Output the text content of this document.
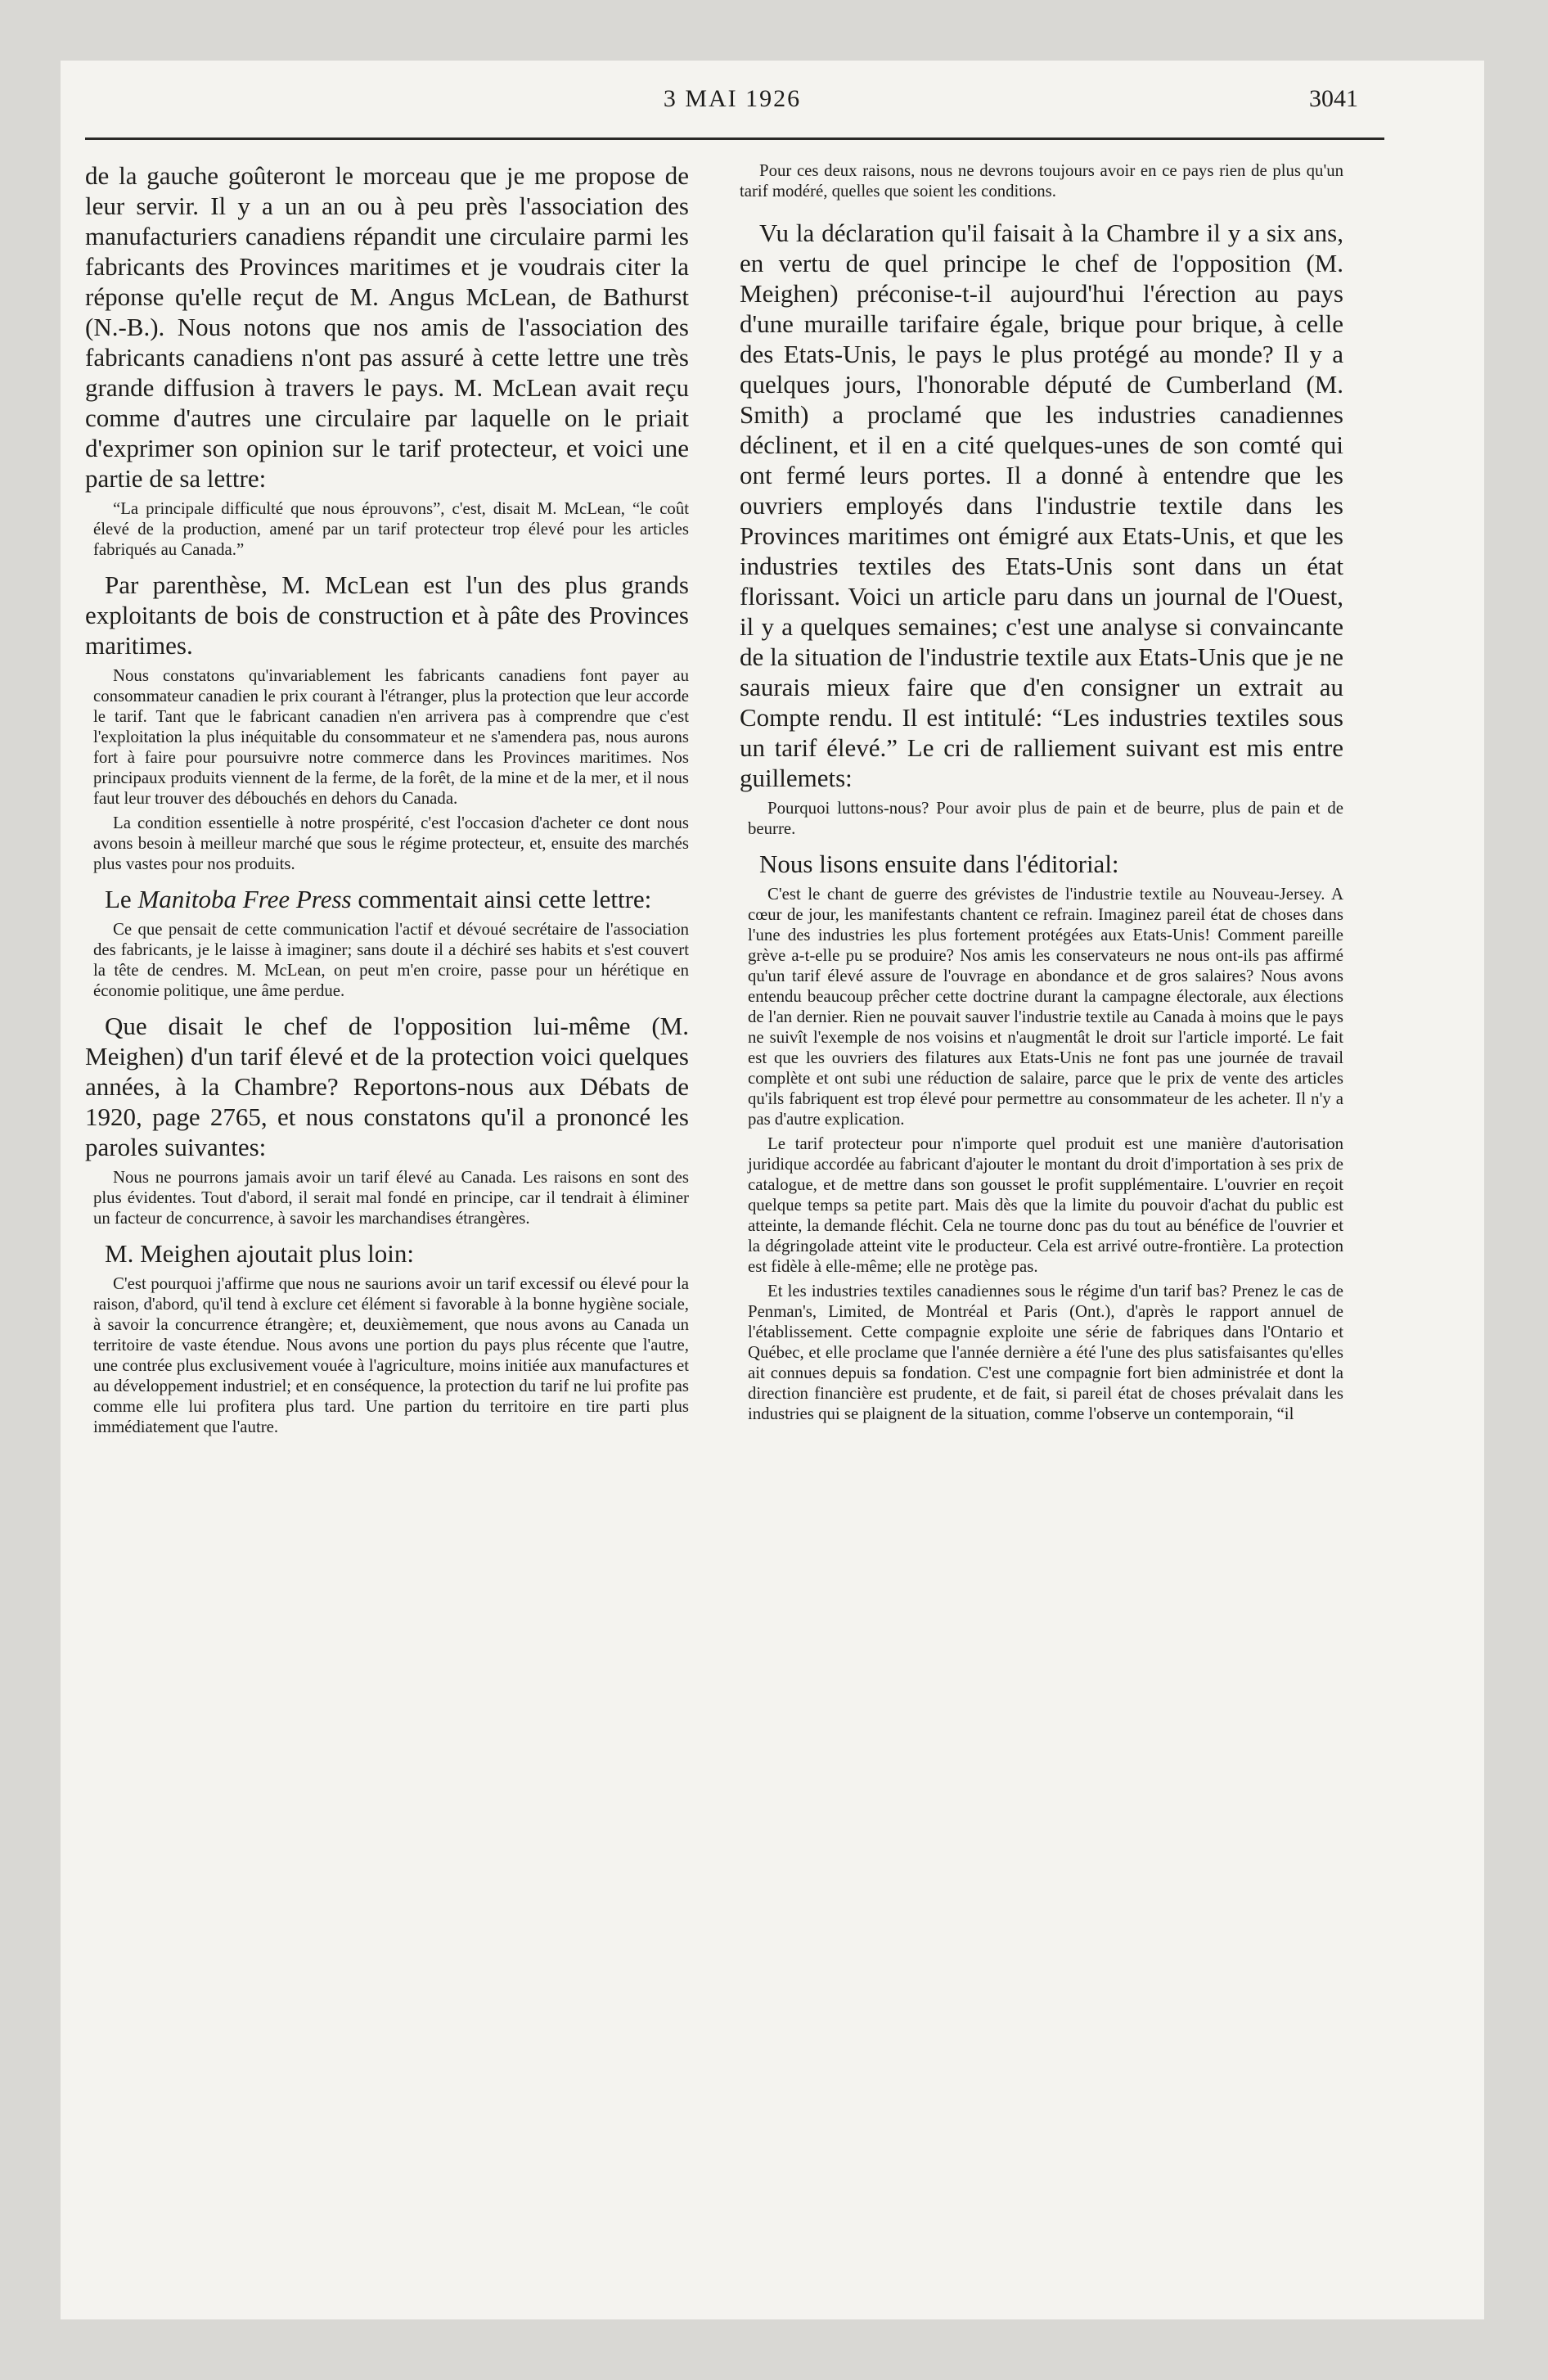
3 MAI 1926	3041

de la gauche goûteront le morceau que je me propose de leur servir. Il y a un an ou à peu près l'association des manufacturiers canadiens répandit une circulaire parmi les fabricants des Provinces maritimes et je voudrais citer la réponse qu'elle reçut de M. Angus McLean, de Bathurst (N.-B.). Nous notons que nos amis de l'association des fabricants canadiens n'ont pas assuré à cette lettre une très grande diffusion à travers le pays. M. McLean avait reçu comme d'autres une circulaire par laquelle on le priait d'exprimer son opinion sur le tarif protecteur, et voici une partie de sa lettre:

“La principale difficulté que nous éprouvons”, c'est, disait M. McLean, “le coût élevé de la production, amené par un tarif protecteur trop élevé pour les articles fabriqués au Canada.”

Par parenthèse, M. McLean est l'un des plus grands exploitants de bois de construction et à pâte des Provinces maritimes.

Nous constatons qu'invariablement les fabricants canadiens font payer au consommateur canadien le prix courant à l'étranger, plus la protection que leur accorde le tarif. Tant que le fabricant canadien n'en arrivera pas à comprendre que c'est l'exploitation la plus inéquitable du consommateur et ne s'amendera pas, nous aurons fort à faire pour poursuivre notre commerce dans les Provinces maritimes. Nos principaux produits viennent de la ferme, de la forêt, de la mine et de la mer, et il nous faut leur trouver des débouchés en dehors du Canada.

La condition essentielle à notre prospérité, c'est l'occasion d'acheter ce dont nous avons besoin à meilleur marché que sous le régime protecteur, et, ensuite des marchés plus vastes pour nos produits.

Le Manitoba Free Press commentait ainsi cette lettre:

Ce que pensait de cette communication l'actif et dévoué secrétaire de l'association des fabricants, je le laisse à imaginer; sans doute il a déchiré ses habits et s'est couvert la tête de cendres. M. McLean, on peut m'en croire, passe pour un hérétique en économie politique, une âme perdue.

Que disait le chef de l'opposition lui-même (M. Meighen) d'un tarif élevé et de la protection voici quelques années, à la Chambre? Reportons-nous aux Débats de 1920, page 2765, et nous constatons qu'il a prononcé les paroles suivantes:

Nous ne pourrons jamais avoir un tarif élevé au Canada. Les raisons en sont des plus évidentes. Tout d'abord, il serait mal fondé en principe, car il tendrait à éliminer un facteur de concurrence, à savoir les marchandises étrangères.

M. Meighen ajoutait plus loin:

C'est pourquoi j'affirme que nous ne saurions avoir un tarif excessif ou élevé pour la raison, d'abord, qu'il tend à exclure cet élément si favorable à la bonne hygiène sociale, à savoir la concurrence étrangère; et, deuxièmement, que nous avons au Canada un territoire de vaste étendue. Nous avons une portion du pays plus récente que l'autre, une contrée plus exclusivement vouée à l'agriculture, moins initiée aux manufactures et au développement industriel; et en conséquence, la protection du tarif ne lui profite pas comme elle lui profitera plus tard. Une partion du territoire en tire parti plus immédiatement que l'autre.

Pour ces deux raisons, nous ne devrons toujours avoir en ce pays rien de plus qu'un tarif modéré, quelles que soient les conditions.

Vu la déclaration qu'il faisait à la Chambre il y a six ans, en vertu de quel principe le chef de l'opposition (M. Meighen) préconise-t-il aujourd'hui l'érection au pays d'une muraille tarifaire égale, brique pour brique, à celle des Etats-Unis, le pays le plus protégé au monde? Il y a quelques jours, l'honorable député de Cumberland (M. Smith) a proclamé que les industries canadiennes déclinent, et il en a cité quelques-unes de son comté qui ont fermé leurs portes. Il a donné à entendre que les ouvriers employés dans l'industrie textile dans les Provinces maritimes ont émigré aux Etats-Unis, et que les industries textiles des Etats-Unis sont dans un état florissant. Voici un article paru dans un journal de l'Ouest, il y a quelques semaines; c'est une analyse si convaincante de la situation de l'industrie textile aux Etats-Unis que je ne saurais mieux faire que d'en consigner un extrait au Compte rendu. Il est intitulé: “Les industries textiles sous un tarif élevé.” Le cri de ralliement suivant est mis entre guillemets:

Pourquoi luttons-nous? Pour avoir plus de pain et de beurre, plus de pain et de beurre.

Nous lisons ensuite dans l'éditorial:

C'est le chant de guerre des grévistes de l'industrie textile au Nouveau-Jersey. A cœur de jour, les manifestants chantent ce refrain. Imaginez pareil état de choses dans l'une des industries les plus fortement protégées aux Etats-Unis! Comment pareille grève a-t-elle pu se produire? Nos amis les conservateurs ne nous ont-ils pas affirmé qu'un tarif élevé assure de l'ouvrage en abondance et de gros salaires? Nous avons entendu beaucoup prêcher cette doctrine durant la campagne électorale, aux élections de l'an dernier. Rien ne pouvait sauver l'industrie textile au Canada à moins que le pays ne suivît l'exemple de nos voisins et n'augmentât le droit sur l'article importé. Le fait est que les ouvriers des filatures aux Etats-Unis ne font pas une journée de travail complète et ont subi une réduction de salaire, parce que le prix de vente des articles qu'ils fabriquent est trop élevé pour permettre au consommateur de les acheter. Il n'y a pas d'autre explication.

Le tarif protecteur pour n'importe quel produit est une manière d'autorisation juridique accordée au fabricant d'ajouter le montant du droit d'importation à ses prix de catalogue, et de mettre dans son gousset le profit supplémentaire. L'ouvrier en reçoit quelque temps sa petite part. Mais dès que la limite du pouvoir d'achat du public est atteinte, la demande fléchit. Cela ne tourne donc pas du tout au bénéfice de l'ouvrier et la dégringolade atteint vite le producteur. Cela est arrivé outre-frontière. La protection est fidèle à elle-même; elle ne protège pas.

Et les industries textiles canadiennes sous le régime d'un tarif bas? Prenez le cas de Penman's, Limited, de Montréal et Paris (Ont.), d'après le rapport annuel de l'établissement. Cette compagnie exploite une série de fabriques dans l'Ontario et Québec, et elle proclame que l'année dernière a été l'une des plus satisfaisantes qu'elles ait connues depuis sa fondation. C'est une compagnie fort bien administrée et dont la direction financière est prudente, et de fait, si pareil état de choses prévalait dans les industries qui se plaignent de la situation, comme l'observe un contemporain, “il
